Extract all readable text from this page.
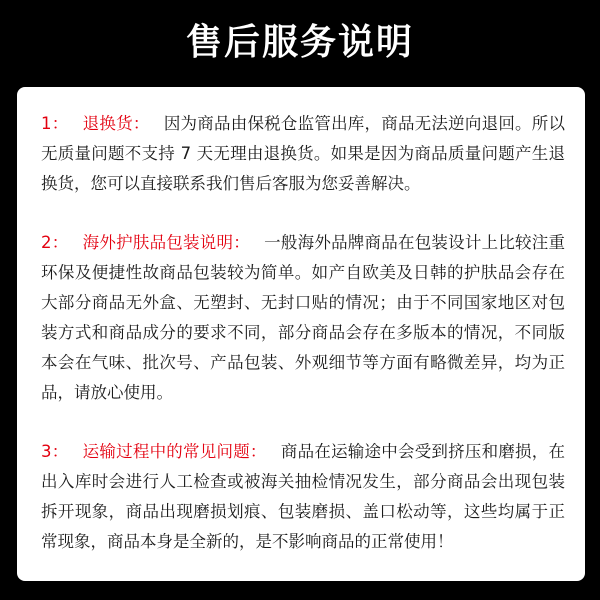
售后服务说明

1： 退换货： 因为商品由保税仓监管出库，商品无法逆向退回。所以无质量问题不支持 7 天无理由退换货。如果是因为商品质量问题产生退换货，您可以直接联系我们售后客服为您妥善解决。

2： 海外护肤品包装说明： 一般海外品牌商品在包装设计上比较注重环保及便捷性故商品包装较为简单。如产自欧美及日韩的护肤品会存在大部分商品无外盒、无塑封、无封口贴的情况；由于不同国家地区对包装方式和商品成分的要求不同，部分商品会存在多版本的情况，不同版本会在气味、批次号、产品包装、外观细节等方面有略微差异，均为正品，请放心使用。

3： 运输过程中的常见问题： 商品在运输途中会受到挤压和磨损，在出入库时会进行人工检查或被海关抽检情况发生，部分商品会出现包装拆开现象，商品出现磨损划痕、包装磨损、盖口松动等，这些均属于正常现象，商品本身是全新的，是不影响商品的正常使用！
